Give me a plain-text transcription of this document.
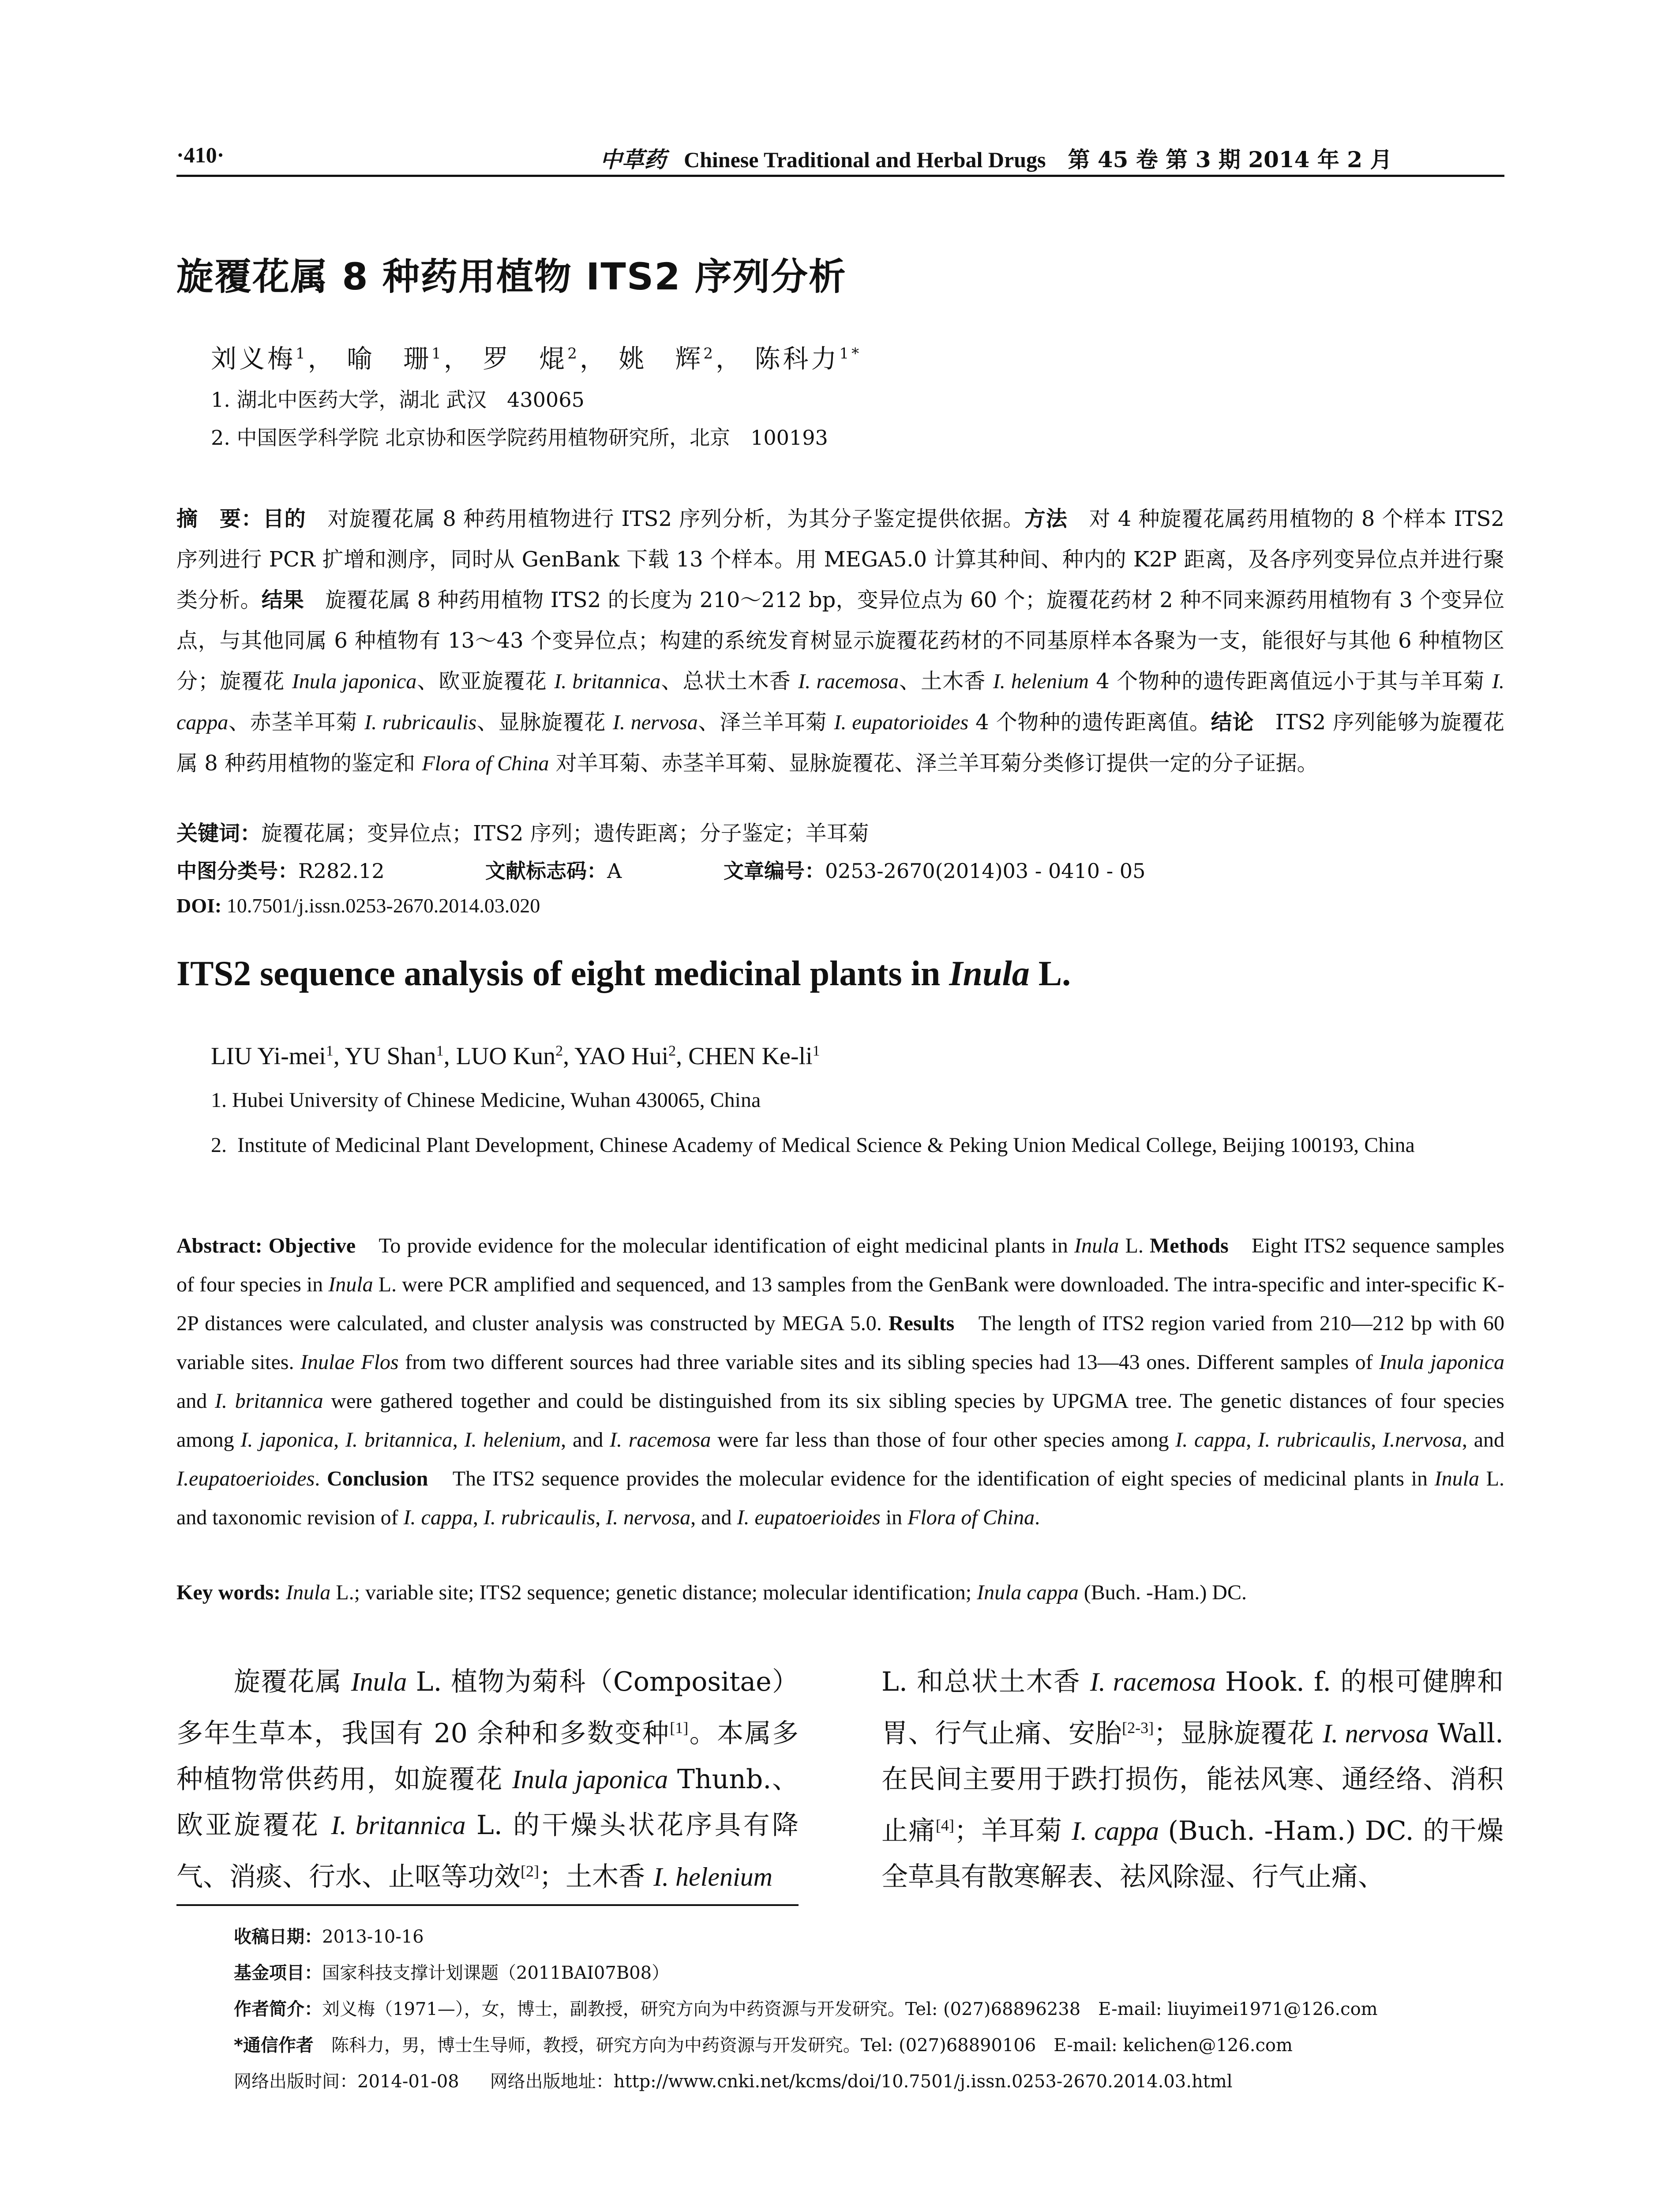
·410·	中草药 Chinese Traditional and Herbal Drugs 第 45 卷 第 3 期 2014 年 2 月
旋覆花属 8 种药用植物 ITS2 序列分析
刘义梅$^1$， 喻　珊$^1$， 罗　焜$^2$， 姚　辉$^2$， 陈科力$^{1*}$
1. 湖北中医药大学，湖北 武汉　430065
2. 中国医学科学院 北京协和医学院药用植物研究所，北京　100193
摘　要：目的　对旋覆花属 8 种药用植物进行 ITS2 序列分析，为其分子鉴定提供依据。方法　对 4 种旋覆花属药用植物的 8 个样本 ITS2 序列进行 PCR 扩增和测序，同时从 GenBank 下载 13 个样本。用 MEGA5.0 计算其种间、种内的 K2P 距离，及各序列变异位点并进行聚类分析。结果　旋覆花属 8 种药用植物 ITS2 的长度为 210～212 bp，变异位点为 60 个；旋覆花药材 2 种不同来源药用植物有 3 个变异位点，与其他同属 6 种植物有 13～43 个变异位点；构建的系统发育树显示旋覆花药材的不同基原样本各聚为一支，能很好与其他 6 种植物区分；旋覆花 Inula japonica、欧亚旋覆花 I. britannica、总状土木香 I. racemosa、土木香 I. helenium 4 个物种的遗传距离值远小于其与羊耳菊 I. cappa、赤茎羊耳菊 I. rubricaulis、显脉旋覆花 I. nervosa、泽兰羊耳菊 I. eupatorioides 4 个物种的遗传距离值。结论　ITS2 序列能够为旋覆花属 8 种药用植物的鉴定和 Flora of China 对羊耳菊、赤茎羊耳菊、显脉旋覆花、泽兰羊耳菊分类修订提供一定的分子证据。
关键词：旋覆花属；变异位点；ITS2 序列；遗传距离；分子鉴定；羊耳菊
中图分类号：R282.12	文献标志码：A	文章编号：0253-2670(2014)03 - 0410 - 05
DOI: 10.7501/j.issn.0253-2670.2014.03.020
ITS2 sequence analysis of eight medicinal plants in Inula L.
LIU Yi-mei$^1$, YU Shan$^1$, LUO Kun$^2$, YAO Hui$^2$, CHEN $Ke-li^1$
1. Hubei University of Chinese Medicine, Wuhan 430065, China
2. Institute of Medicinal Plant Development, Chinese Academy of Medical Science & Peking Union Medical College, Beijing 100193, China
Abstract: Objective　To provide evidence for the molecular identification of eight medicinal plants in Inula L. Methods　Eight ITS2 sequence samples of four species in Inula L. were PCR amplified and sequenced, and 13 samples from the GenBank were downloaded. The intra-specific and inter-specific K-2P distances were calculated, and cluster analysis was constructed by MEGA 5.0. Results　The length of ITS2 region varied from 210—212 bp with 60 variable sites. Inulae Flos from two different sources had three variable sites and its sibling species had 13—43 ones. Different samples of Inula japonica and I. britannica were gathered together and could be distinguished from its six sibling species by UPGMA tree. The genetic distances of four species among I. japonica, I. britannica, I. helenium, and I. racemosa were far less than those of four other species among I. cappa, I. rubricaulis, I.nervosa, and I.eupatoerioides. Conclusion　The ITS2 sequence provides the molecular evidence for the identification of eight species of medicinal plants in Inula L. and taxonomic revision of I. cappa, I. rubricaulis, I. nervosa, and I. eupatoerioides in Flora of China.
Key words: Inula L.; variable site; ITS2 sequence; genetic distance; molecular identification; Inula cappa (Buch. -Ham.) DC.
旋覆花属 Inula L. 植物为菊科（Compositae）多年生草本，我国有 20 余种和多数变种[1]。本属多种植物常供药用，如旋覆花 Inula japonica Thunb.、欧亚旋覆花 I. britannica L. 的干燥头状花序具有降气、消痰、行水、止呕等功效[2]；土木香 I. helenium
L. 和总状土木香 I. racemosa Hook. f. 的根可健脾和胃、行气止痛、安胎[2-3]；显脉旋覆花 I. nervosa Wall. 在民间主要用于跌打损伤，能祛风寒、通经络、消积止痛[4]；羊耳菊 I. cappa (Buch. -Ham.) DC. 的干燥全草具有散寒解表、祛风除湿、行气止痛、
收稿日期：2013-10-16
基金项目：国家科技支撑计划课题（2011BAI07B08）
作者简介：刘义梅（1971—），女，博士，副教授，研究方向为中药资源与开发研究。Tel: (027)68896238　E-mail: liuyimei1971@126.com
*通信作者　陈科力，男，博士生导师，教授，研究方向为中药资源与开发研究。Tel: (027)68890106　E-mail: kelichen@126.com
网络出版时间：2014-01-08 网络出版地址：http://www.cnki.net/kcms/doi/10.7501/j.issn.0253-2670.2014.03.html
